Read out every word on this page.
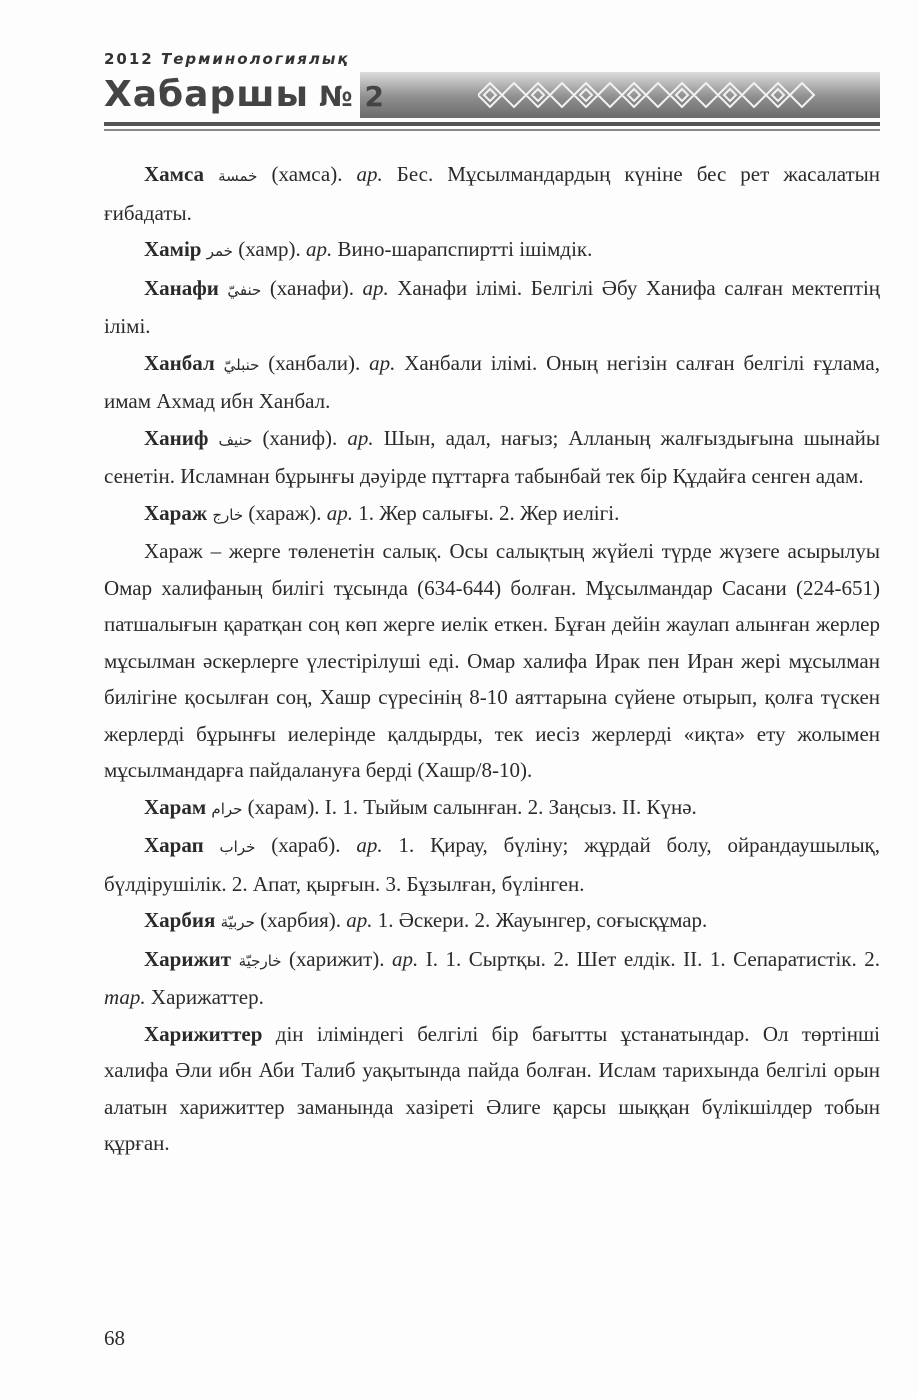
2012 Терминологиялық
Хабаршы № 2

Хамса خمسة (хамса). ар. Бес. Мұсылмандардың күніне бес рет жасалатын ғибадаты.

Хамір خمر (хамр). ар. Вино-шарапспиртті ішімдік.

Ханафи حنفيّ (ханафи). ар. Ханафи ілімі. Белгілі Әбу Ханифа салған мектептің ілімі.

Ханбал حنبليّ (ханбали). ар. Ханбали ілімі. Оның негізін салған белгілі ғұлама, имам Ахмад ибн Ханбал.

Ханиф حنيف (ханиф). ар. Шын, адал, нағыз; Алланың жалғыздығына шынайы сенетін. Исламнан бұрынғы дәуірде пұттарға табынбай тек бір Құдайға сенген адам.

Хараж خارج (хараж). ар. 1. Жер салығы. 2. Жер иелігі.

Хараж – жерге төленетін салық. Осы салықтың жүйелі түрде жүзеге асырылуы Омар халифаның билігі тұсында (634-644) болған. Мұсылмандар Сасани (224-651) патшалығын қаратқан соң көп жерге иелік еткен. Бұған дейін жаулап алынған жерлер мұсылман әскерлерге үлестірілуші еді. Омар халифа Ирак пен Иран жері мұсылман билігіне қосылған соң, Хашр сүресінің 8-10 аяттарына сүйене отырып, қолға түскен жерлерді бұрынғы иелерінде қалдырды, тек иесіз жерлерді «иқта» ету жолымен мұсылмандарға пайдалануға берді (Хашр/8-10).

Харам حرام (харам). І. 1. Тыйым салынған. 2. Заңсыз. ІІ. Күнә.

Харап خراب (хараб). ар. 1. Қирау, бүліну; жұрдай болу, ойрандаушылық, бүлдірушілік. 2. Апат, қырғын. 3. Бұзылған, бүлінген.

Харбия حربيّة (харбия). ар. 1. Әскери. 2. Жауынгер, соғысқұмар.

Харижит خارجيّة (харижит). ар. І. 1. Сыртқы. 2. Шет елдік. ІІ. 1. Сепаратистік. 2. тар. Харижаттер.

Харижиттер дін іліміндегі белгілі бір бағытты ұстанатындар. Ол төртінші халифа Әли ибн Аби Талиб уақытында пайда болған. Ислам тарихында белгілі орын алатын харижиттер заманында хазіреті Әлиге қарсы шыққан бүлікшілдер тобын құрған.

68
